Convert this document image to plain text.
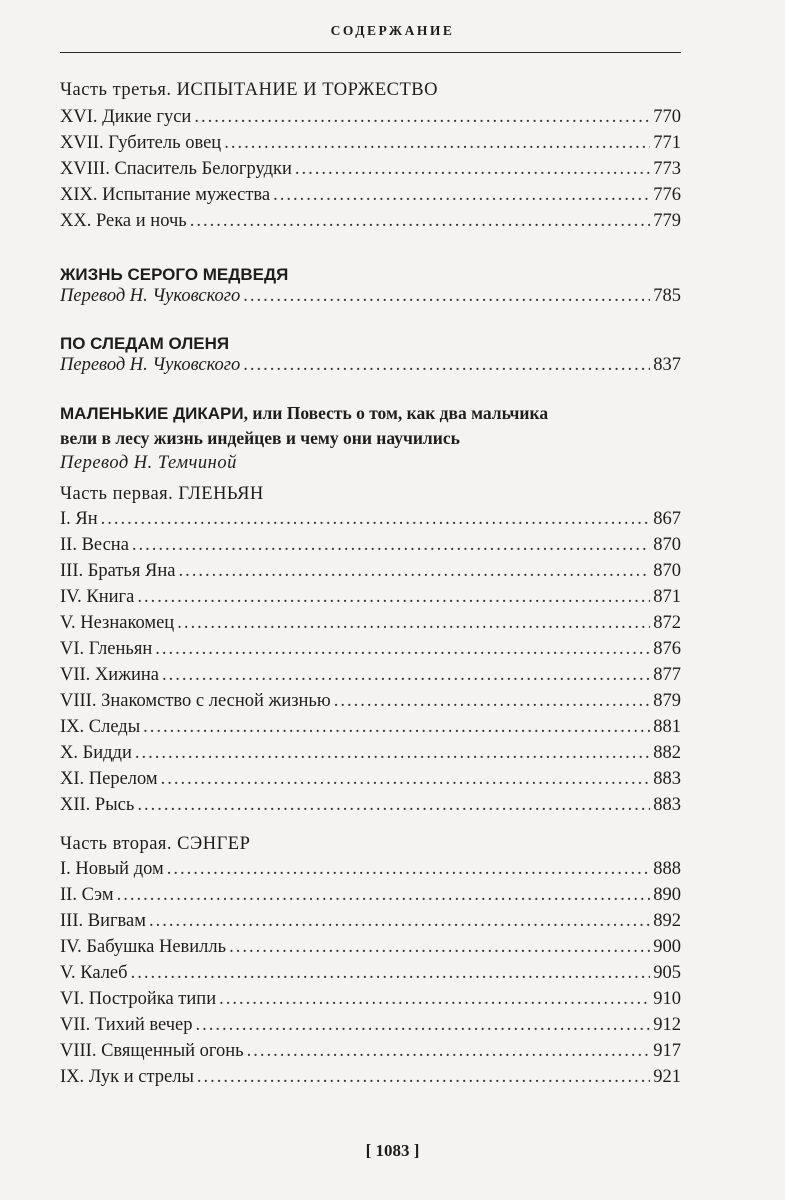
СОДЕРЖАНИЕ
Часть третья. ИСПЫТАНИЕ И ТОРЖЕСТВО
XVI. Дикие гуси .....	770
XVII. Губитель овец .....	771
XVIII. Спаситель Белогрудки .....	773
XIX. Испытание мужества .....	776
XX. Река и ночь .....	779
ЖИЗНЬ СЕРОГО МЕДВЕДЯ
Перевод Н. Чуковского .....	785
ПО СЛЕДАМ ОЛЕНЯ
Перевод Н. Чуковского .....	837
МАЛЕНЬКИЕ ДИКАРИ, или Повесть о том, как два мальчика
вели в лесу жизнь индейцев и чему они научились
Перевод Н. Темчиной
Часть первая. ГЛЕНЬЯН
I. Ян .....	867
II. Весна .....	870
III. Братья Яна .....	870
IV. Книга .....	871
V. Незнакомец .....	872
VI. Гленьян .....	876
VII. Хижина .....	877
VIII. Знакомство с лесной жизнью .....	879
IX. Следы .....	881
X. Бидди .....	882
XI. Перелом .....	883
XII. Рысь .....	883
Часть вторая. СЭНГЕР
I. Новый дом .....	888
II. Сэм .....	890
III. Вигвам .....	892
IV. Бабушка Невилль .....	900
V. Калеб .....	905
VI. Постройка типи .....	910
VII. Тихий вечер .....	912
VIII. Священный огонь .....	917
IX. Лук и стрелы .....	921
[ 1083 ]
